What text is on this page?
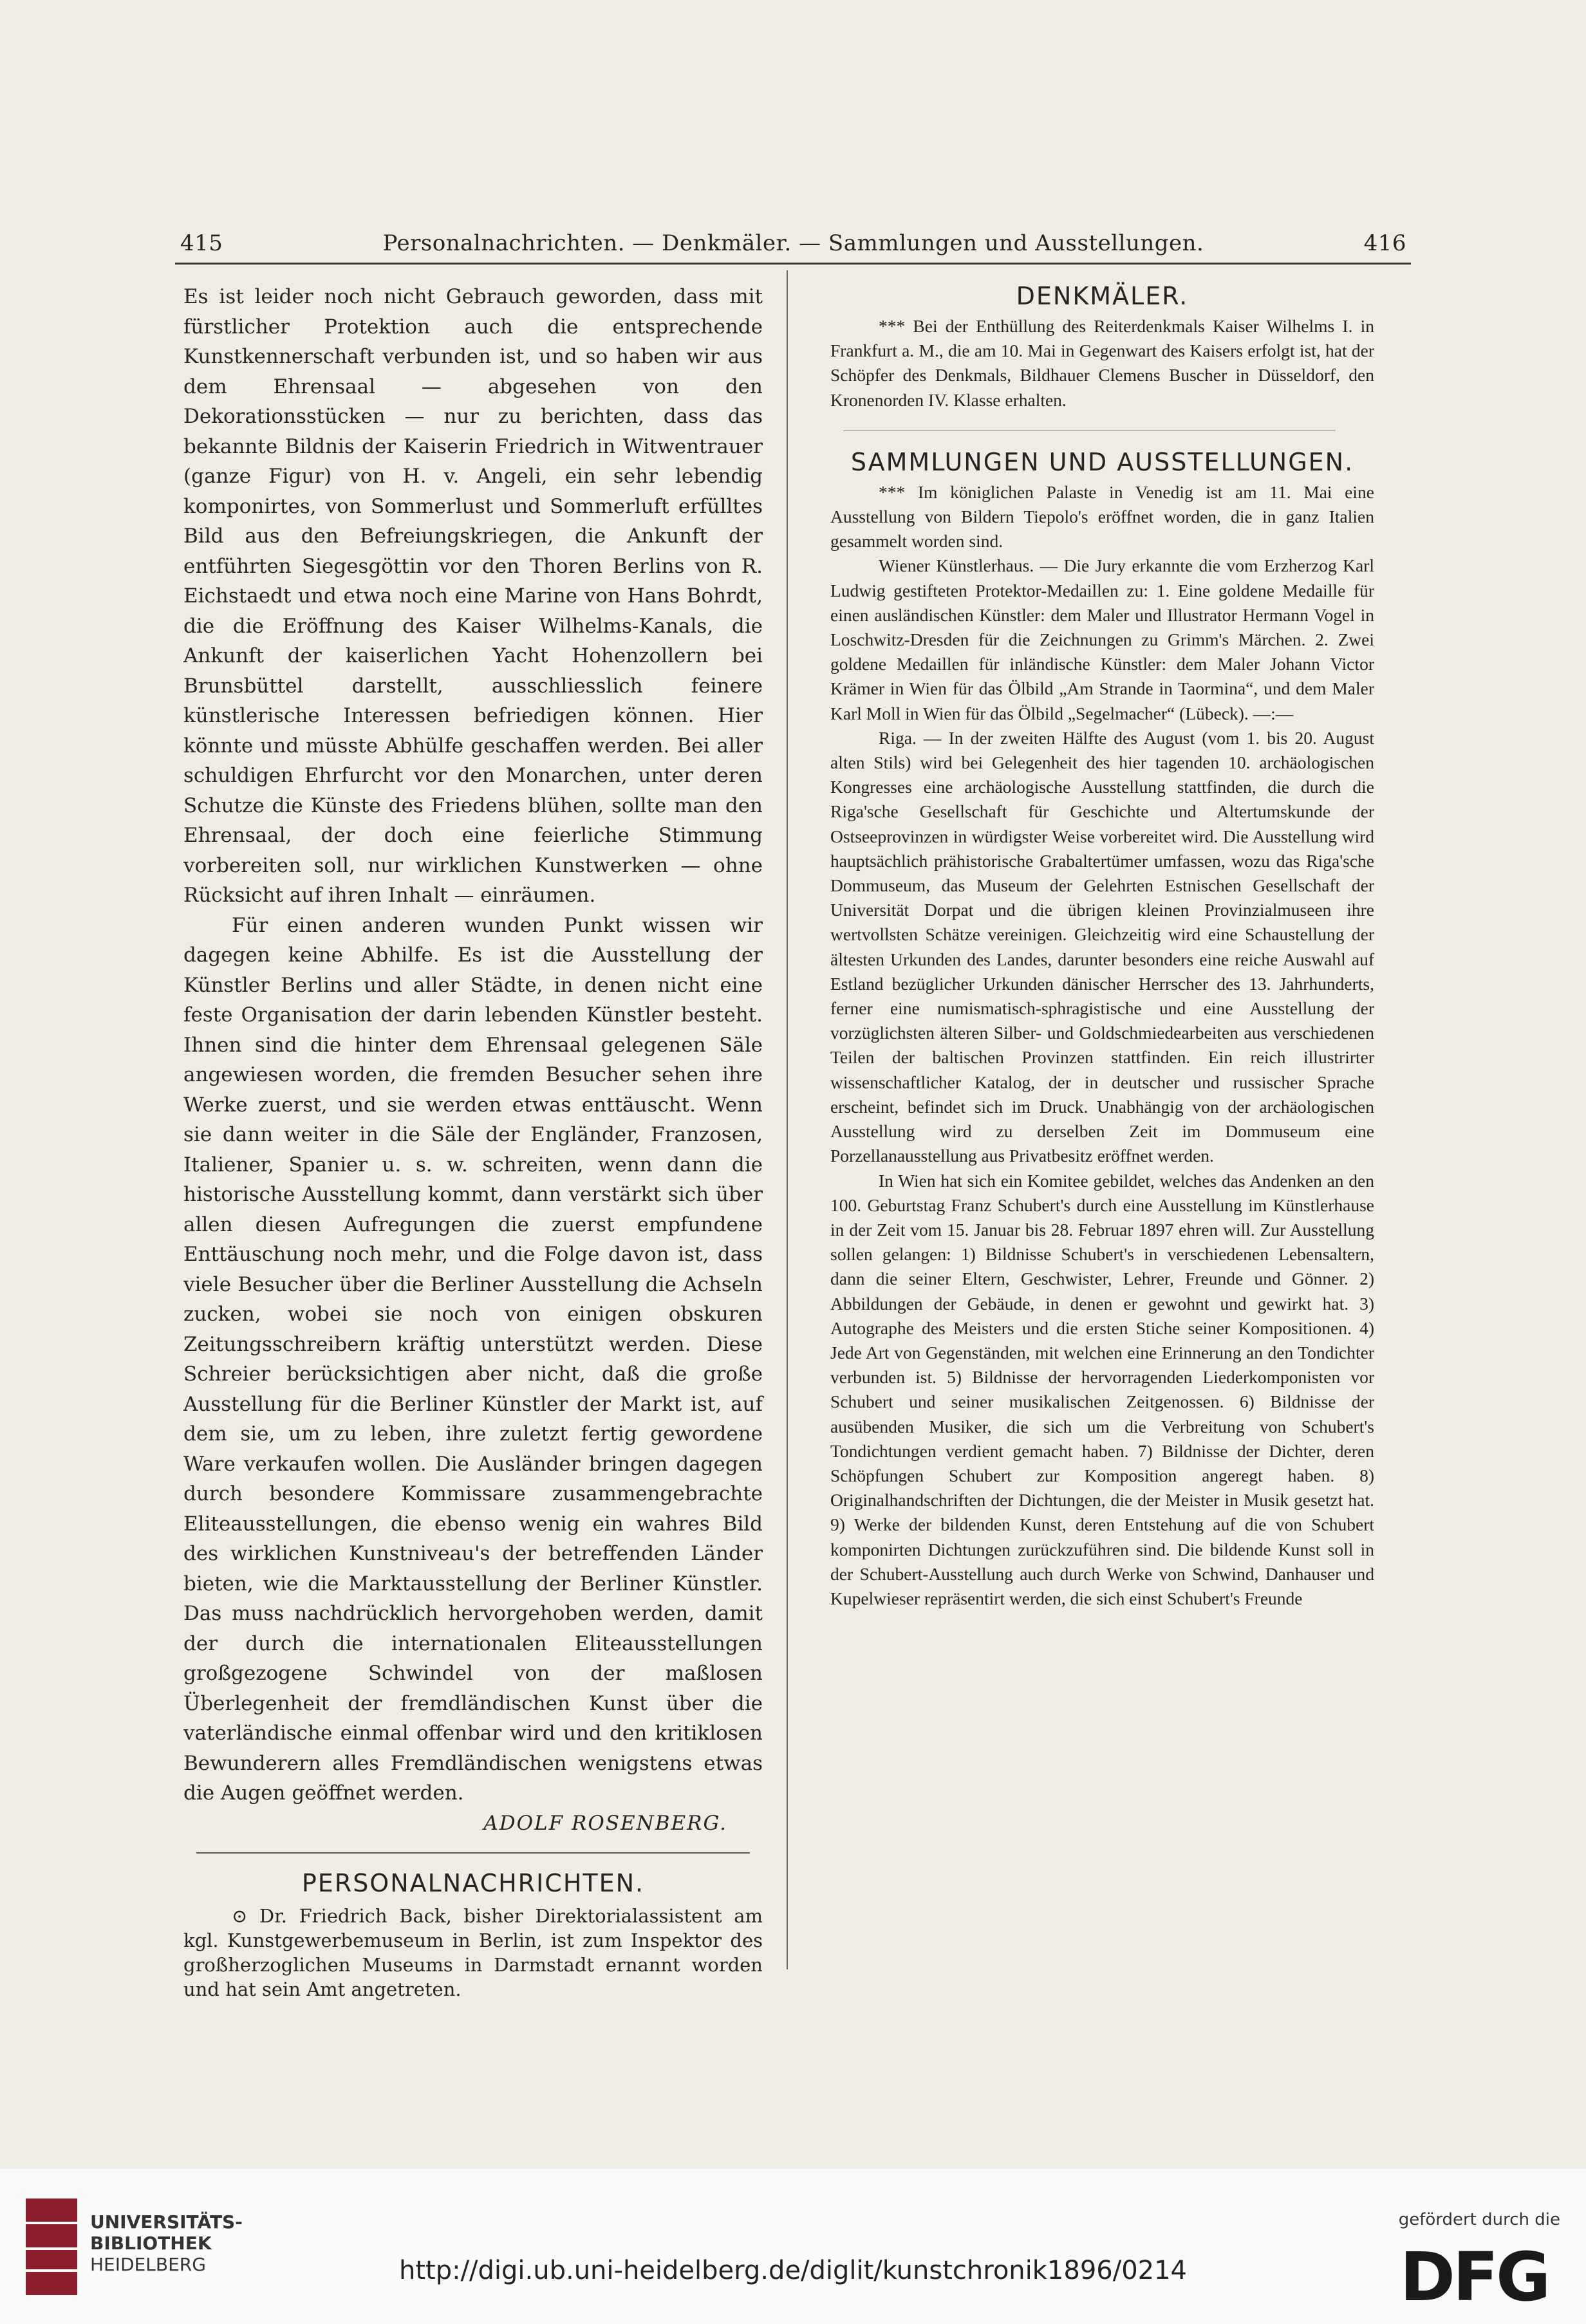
415	Personalnachrichten. — Denkmäler. — Sammlungen und Ausstellungen.	416

Es ist leider noch nicht Gebrauch geworden, dass mit fürstlicher Protektion auch die entsprechende Kunstkennerschaft verbunden ist, und so haben wir aus dem Ehrensaal — abgesehen von den Dekorationsstücken — nur zu berichten, dass das bekannte Bildnis der Kaiserin Friedrich in Witwentrauer (ganze Figur) von H. v. Angeli, ein sehr lebendig komponirtes, von Sommerlust und Sommerluft erfülltes Bild aus den Befreiungskriegen, die Ankunft der entführten Siegesgöttin vor den Thoren Berlins von R. Eichstaedt und etwa noch eine Marine von Hans Bohrdt, die die Eröffnung des Kaiser Wilhelms-Kanals, die Ankunft der kaiserlichen Yacht Hohenzollern bei Brunsbüttel darstellt, ausschliesslich feinere künstlerische Interessen befriedigen können. Hier könnte und müsste Abhülfe geschaffen werden. Bei aller schuldigen Ehrfurcht vor den Monarchen, unter deren Schutze die Künste des Friedens blühen, sollte man den Ehrensaal, der doch eine feierliche Stimmung vorbereiten soll, nur wirklichen Kunstwerken — ohne Rücksicht auf ihren Inhalt — einräumen.

Für einen anderen wunden Punkt wissen wir dagegen keine Abhilfe. Es ist die Ausstellung der Künstler Berlins und aller Städte, in denen nicht eine feste Organisation der darin lebenden Künstler besteht. Ihnen sind die hinter dem Ehrensaal gelegenen Säle angewiesen worden, die fremden Besucher sehen ihre Werke zuerst, und sie werden etwas enttäuscht. Wenn sie dann weiter in die Säle der Engländer, Franzosen, Italiener, Spanier u. s. w. schreiten, wenn dann die historische Ausstellung kommt, dann verstärkt sich über allen diesen Aufregungen die zuerst empfundene Enttäuschung noch mehr, und die Folge davon ist, dass viele Besucher über die Berliner Ausstellung die Achseln zucken, wobei sie noch von einigen obskuren Zeitungsschreibern kräftig unterstützt werden. Diese Schreier berücksichtigen aber nicht, daß die große Ausstellung für die Berliner Künstler der Markt ist, auf dem sie, um zu leben, ihre zuletzt fertig gewordene Ware verkaufen wollen. Die Ausländer bringen dagegen durch besondere Kommissare zusammengebrachte Eliteausstellungen, die ebenso wenig ein wahres Bild des wirklichen Kunstniveau's der betreffenden Länder bieten, wie die Marktausstellung der Berliner Künstler. Das muss nachdrücklich hervorgehoben werden, damit der durch die internationalen Eliteausstellungen großgezogene Schwindel von der maßlosen Überlegenheit der fremdländischen Kunst über die vaterländische einmal offenbar wird und den kritiklosen Bewunderern alles Fremdländischen wenigstens etwas die Augen geöffnet werden.

ADOLF ROSENBERG.

PERSONALNACHRICHTEN.

⊙ Dr. Friedrich Back, bisher Direktorialassistent am kgl. Kunstgewerbemuseum in Berlin, ist zum Inspektor des großherzoglichen Museums in Darmstadt ernannt worden und hat sein Amt angetreten.

DENKMÄLER.

*** Bei der Enthüllung des Reiterdenkmals Kaiser Wilhelms I. in Frankfurt a. M., die am 10. Mai in Gegenwart des Kaisers erfolgt ist, hat der Schöpfer des Denkmals, Bildhauer Clemens Buscher in Düsseldorf, den Kronenorden IV. Klasse erhalten.

SAMMLUNGEN UND AUSSTELLUNGEN.

*** Im königlichen Palaste in Venedig ist am 11. Mai eine Ausstellung von Bildern Tiepolo's eröffnet worden, die in ganz Italien gesammelt worden sind.

Wiener Künstlerhaus. — Die Jury erkannte die vom Erzherzog Karl Ludwig gestifteten Protektor-Medaillen zu: 1. Eine goldene Medaille für einen ausländischen Künstler: dem Maler und Illustrator Hermann Vogel in Loschwitz-Dresden für die Zeichnungen zu Grimm's Märchen. 2. Zwei goldene Medaillen für inländische Künstler: dem Maler Johann Victor Krämer in Wien für das Ölbild „Am Strande in Taormina“, und dem Maler Karl Moll in Wien für das Ölbild „Segelmacher“ (Lübeck). —:—

Riga. — In der zweiten Hälfte des August (vom 1. bis 20. August alten Stils) wird bei Gelegenheit des hier tagenden 10. archäologischen Kongresses eine archäologische Ausstellung stattfinden, die durch die Riga'sche Gesellschaft für Geschichte und Altertumskunde der Ostseeprovinzen in würdigster Weise vorbereitet wird. Die Ausstellung wird hauptsächlich prähistorische Grabaltertümer umfassen, wozu das Riga'sche Dommuseum, das Museum der Gelehrten Estnischen Gesellschaft der Universität Dorpat und die übrigen kleinen Provinzialmuseen ihre wertvollsten Schätze vereinigen. Gleichzeitig wird eine Schaustellung der ältesten Urkunden des Landes, darunter besonders eine reiche Auswahl auf Estland bezüglicher Urkunden dänischer Herrscher des 13. Jahrhunderts, ferner eine numismatisch-sphragistische und eine Ausstellung der vorzüglichsten älteren Silber- und Goldschmiedearbeiten aus verschiedenen Teilen der baltischen Provinzen stattfinden. Ein reich illustrirter wissenschaftlicher Katalog, der in deutscher und russischer Sprache erscheint, befindet sich im Druck. Unabhängig von der archäologischen Ausstellung wird zu derselben Zeit im Dommuseum eine Porzellanausstellung aus Privatbesitz eröffnet werden.

In Wien hat sich ein Komitee gebildet, welches das Andenken an den 100. Geburtstag Franz Schubert's durch eine Ausstellung im Künstlerhause in der Zeit vom 15. Januar bis 28. Februar 1897 ehren will. Zur Ausstellung sollen gelangen: 1) Bildnisse Schubert's in verschiedenen Lebensaltern, dann die seiner Eltern, Geschwister, Lehrer, Freunde und Gönner. 2) Abbildungen der Gebäude, in denen er gewohnt und gewirkt hat. 3) Autographe des Meisters und die ersten Stiche seiner Kompositionen. 4) Jede Art von Gegenständen, mit welchen eine Erinnerung an den Tondichter verbunden ist. 5) Bildnisse der hervorragenden Liederkomponisten vor Schubert und seiner musikalischen Zeitgenossen. 6) Bildnisse der ausübenden Musiker, die sich um die Verbreitung von Schubert's Tondichtungen verdient gemacht haben. 7) Bildnisse der Dichter, deren Schöpfungen Schubert zur Komposition angeregt haben. 8) Originalhandschriften der Dichtungen, die der Meister in Musik gesetzt hat. 9) Werke der bildenden Kunst, deren Entstehung auf die von Schubert komponirten Dichtungen zurückzuführen sind. Die bildende Kunst soll in der Schubert-Ausstellung auch durch Werke von Schwind, Danhauser und Kupelwieser repräsentirt werden, die sich einst Schubert's Freunde

UNIVERSITÄTS-
BIBLIOTHEK
HEIDELBERG	http://digi.ub.uni-heidelberg.de/diglit/kunstchronik1896/0214
gefördert durch die
DFG
